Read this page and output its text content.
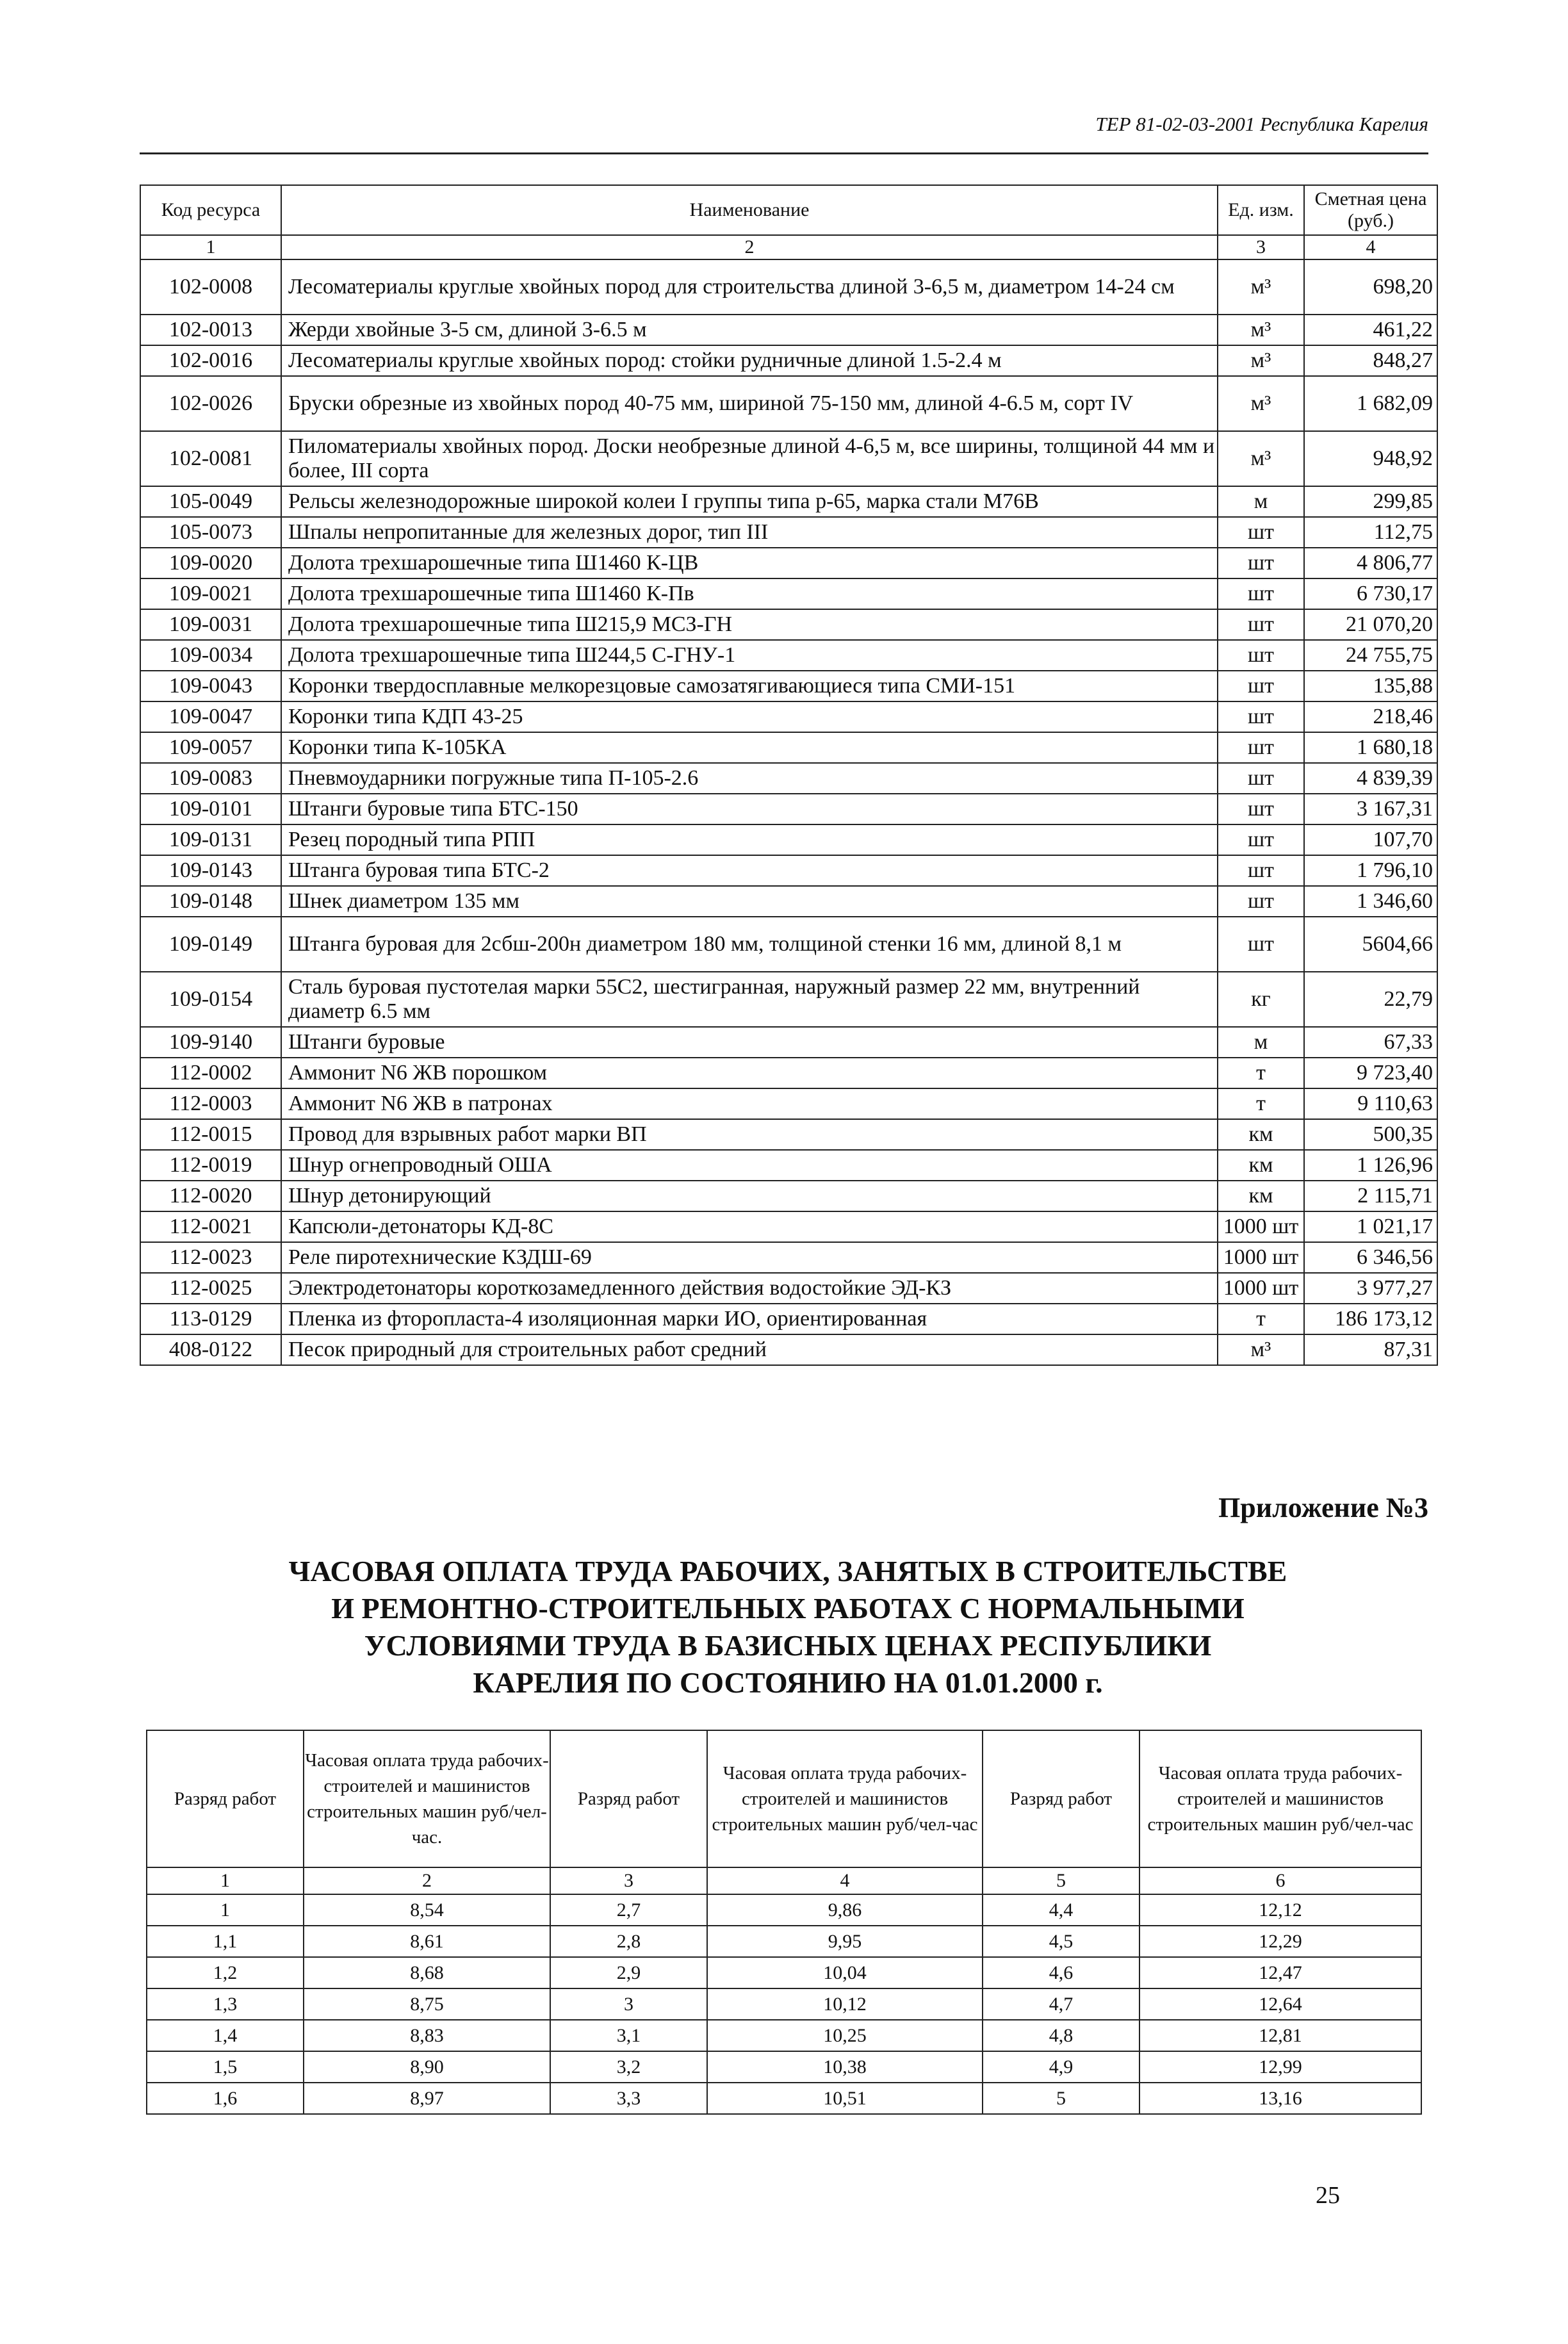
ТЕР 81-02-03-2001 Республика Карелия
Код ресурса	Наименование	Ед. изм.	Сметная цена (руб.)
1	2	3	4
102-0008	Лесоматериалы круглые хвойных пород для строительства длиной 3-6,5 м, диаметром 14-24 см	м³	698,20
102-0013	Жерди хвойные 3-5 см, длиной 3-6.5 м	м³	461,22
102-0016	Лесоматериалы круглые хвойных пород: стойки рудничные длиной 1.5-2.4 м	м³	848,27
102-0026	Бруски обрезные из хвойных пород 40-75 мм, шириной 75-150 мм, длиной 4-6.5 м, сорт IV	м³	1 682,09
102-0081	Пиломатериалы хвойных пород. Доски необрезные длиной 4-6,5 м, все ширины, толщиной 44 мм и более, III сорта	м³	948,92
105-0049	Рельсы железнодорожные широкой колеи I группы типа р-65, марка стали М76В	м	299,85
105-0073	Шпалы непропитанные для железных дорог, тип III	шт	112,75
109-0020	Долота трехшарошечные типа Ш1460 К-ЦВ	шт	4 806,77
109-0021	Долота трехшарошечные типа Ш1460 К-Пв	шт	6 730,17
109-0031	Долота трехшарошечные типа Ш215,9 МСЗ-ГН	шт	21 070,20
109-0034	Долота трехшарошечные типа Ш244,5 С-ГНУ-1	шт	24 755,75
109-0043	Коронки твердосплавные мелкорезцовые самозатягивающиеся типа СМИ-151	шт	135,88
109-0047	Коронки типа КДП 43-25	шт	218,46
109-0057	Коронки типа К-105КА	шт	1 680,18
109-0083	Пневмоударники погружные типа П-105-2.6	шт	4 839,39
109-0101	Штанги буровые типа БТС-150	шт	3 167,31
109-0131	Резец породный типа РПП	шт	107,70
109-0143	Штанга буровая типа БТС-2	шт	1 796,10
109-0148	Шнек диаметром 135 мм	шт	1 346,60
109-0149	Штанга буровая для 2сбш-200н диаметром 180 мм, толщиной стенки 16 мм, длиной 8,1 м	шт	5604,66
109-0154	Сталь буровая пустотелая марки 55С2, шестигранная, наружный размер 22 мм, внутренний диаметр 6.5 мм	кг	22,79
109-9140	Штанги буровые	м	67,33
112-0002	Аммонит N6 ЖВ порошком	т	9 723,40
112-0003	Аммонит N6 ЖВ в патронах	т	9 110,63
112-0015	Провод для взрывных работ марки ВП	км	500,35
112-0019	Шнур огнепроводный ОША	км	1 126,96
112-0020	Шнур детонирующий	км	2 115,71
112-0021	Капсюли-детонаторы КД-8С	1000 шт	1 021,17
112-0023	Реле пиротехнические КЗДШ-69	1000 шт	6 346,56
112-0025	Электродетонаторы короткозамедленного действия водостойкие ЭД-КЗ	1000 шт	3 977,27
113-0129	Пленка из фторопласта-4 изоляционная марки ИО, ориентированная	т	186 173,12
408-0122	Песок природный для строительных работ средний	м³	87,31
Приложение №3
ЧАСОВАЯ ОПЛАТА ТРУДА РАБОЧИХ, ЗАНЯТЫХ В СТРОИТЕЛЬСТВЕ
И РЕМОНТНО-СТРОИТЕЛЬНЫХ РАБОТАХ С НОРМАЛЬНЫМИ
УСЛОВИЯМИ ТРУДА В БАЗИСНЫХ ЦЕНАХ РЕСПУБЛИКИ
КАРЕЛИЯ ПО СОСТОЯНИЮ НА 01.01.2000 г.
Разряд работ	Часовая оплата труда рабочих-строителей и машинистов строительных машин руб/чел-час.	Разряд работ	Часовая оплата труда рабочих-строителей и машинистов строительных машин руб/чел-час	Разряд работ	Часовая оплата труда рабочих-строителей и машинистов строительных машин руб/чел-час
1	2	3	4	5	6
1	8,54	2,7	9,86	4,4	12,12
1,1	8,61	2,8	9,95	4,5	12,29
1,2	8,68	2,9	10,04	4,6	12,47
1,3	8,75	3	10,12	4,7	12,64
1,4	8,83	3,1	10,25	4,8	12,81
1,5	8,90	3,2	10,38	4,9	12,99
1,6	8,97	3,3	10,51	5	13,16
25
